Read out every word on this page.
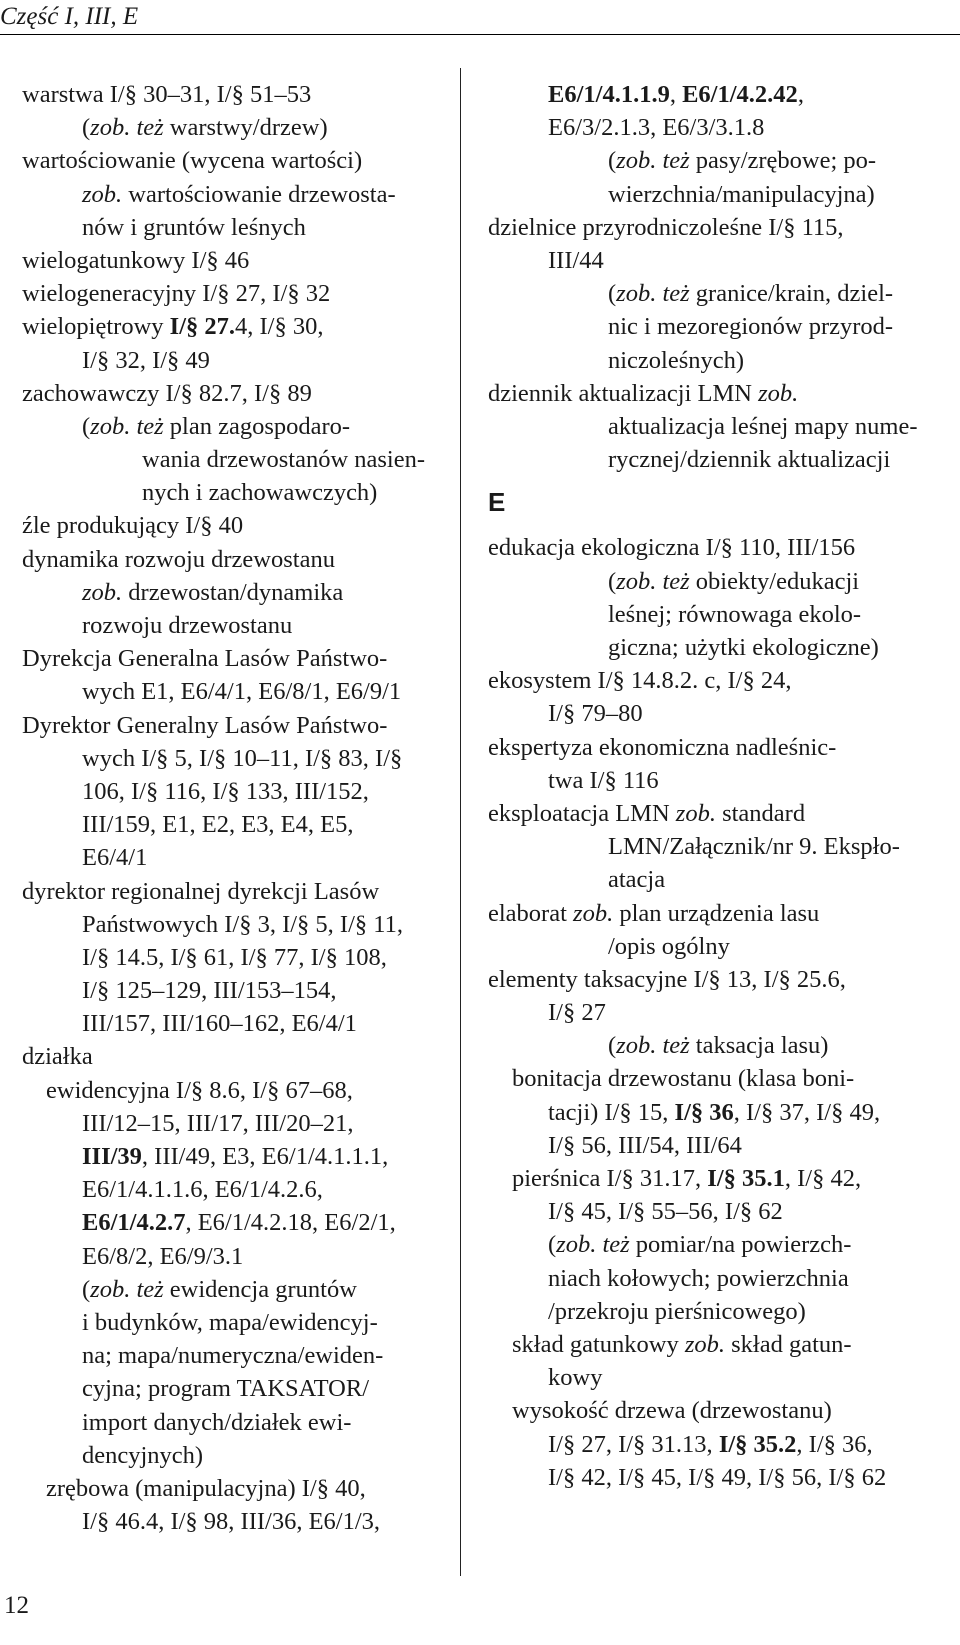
Część I, III, E
warstwa I/§ 30–31, I/§ 51–53
(zob. też warstwy/drzew)
wartościowanie (wycena wartości)
zob. wartościowanie drzewosta-
nów i gruntów leśnych
wielogatunkowy I/§ 46
wielogeneracyjny I/§ 27, I/§ 32
wielopiętrowy I/§ 27.4, I/§ 30,
I/§ 32, I/§ 49
zachowawczy I/§ 82.7, I/§ 89
(zob. też plan zagospodaro-
wania drzewostanów nasien-
nych i zachowawczych)
źle produkujący I/§ 40
dynamika rozwoju drzewostanu
zob. drzewostan/dynamika
rozwoju drzewostanu
Dyrekcja Generalna Lasów Państwo-
wych E1, E6/4/1, E6/8/1, E6/9/1
Dyrektor Generalny Lasów Państwo-
wych I/§ 5, I/§ 10–11, I/§ 83, I/§
106, I/§ 116, I/§ 133, III/152,
III/159, E1, E2, E3, E4, E5,
E6/4/1
dyrektor regionalnej dyrekcji Lasów
Państwowych I/§ 3, I/§ 5, I/§ 11,
I/§ 14.5, I/§ 61, I/§ 77, I/§ 108,
I/§ 125–129, III/153–154,
III/157, III/160–162, E6/4/1
działka
ewidencyjna I/§ 8.6, I/§ 67–68,
III/12–15, III/17, III/20–21,
III/39, III/49, E3, E6/1/4.1.1.1,
E6/1/4.1.1.6, E6/1/4.2.6,
E6/1/4.2.7, E6/1/4.2.18, E6/2/1,
E6/8/2, E6/9/3.1
(zob. też ewidencja gruntów
i budynków, mapa/ewidencyj-
na; mapa/numeryczna/ewiden-
cyjna; program TAKSATOR/
import danych/działek ewi-
dencyjnych)
zrębowa (manipulacyjna) I/§ 40,
I/§ 46.4, I/§ 98, III/36, E6/1/3,
E6/1/4.1.1.9, E6/1/4.2.42,
E6/3/2.1.3, E6/3/3.1.8
(zob. też pasy/zrębowe; po-
wierzchnia/manipulacyjna)
dzielnice przyrodniczoleśne I/§ 115,
III/44
(zob. też granice/krain, dziel-
nic i mezoregionów przyrod-
niczoleśnych)
dziennik aktualizacji LMN zob.
aktualizacja leśnej mapy nume-
rycznej/dziennik aktualizacji
E
edukacja ekologiczna I/§ 110, III/156
(zob. też obiekty/edukacji
leśnej; równowaga ekolo-
giczna; użytki ekologiczne)
ekosystem I/§ 14.8.2. c, I/§ 24,
I/§ 79–80
ekspertyza ekonomiczna nadleśnic-
twa I/§ 116
eksploatacja LMN zob. standard
LMN/Załącznik/nr 9. Ekspło-
atacja
elaborat zob. plan urządzenia lasu
/opis ogólny
elementy taksacyjne I/§ 13, I/§ 25.6,
I/§ 27
(zob. też taksacja lasu)
bonitacja drzewostanu (klasa boni-
tacji) I/§ 15, I/§ 36, I/§ 37, I/§ 49,
I/§ 56, III/54, III/64
pierśnica I/§ 31.17, I/§ 35.1, I/§ 42,
I/§ 45, I/§ 55–56, I/§ 62
(zob. też pomiar/na powierzch-
niach kołowych; powierzchnia
/przekroju pierśnicowego)
skład gatunkowy zob. skład gatun-
kowy
wysokość drzewa (drzewostanu)
I/§ 27, I/§ 31.13, I/§ 35.2, I/§ 36,
I/§ 42, I/§ 45, I/§ 49, I/§ 56, I/§ 62
12
